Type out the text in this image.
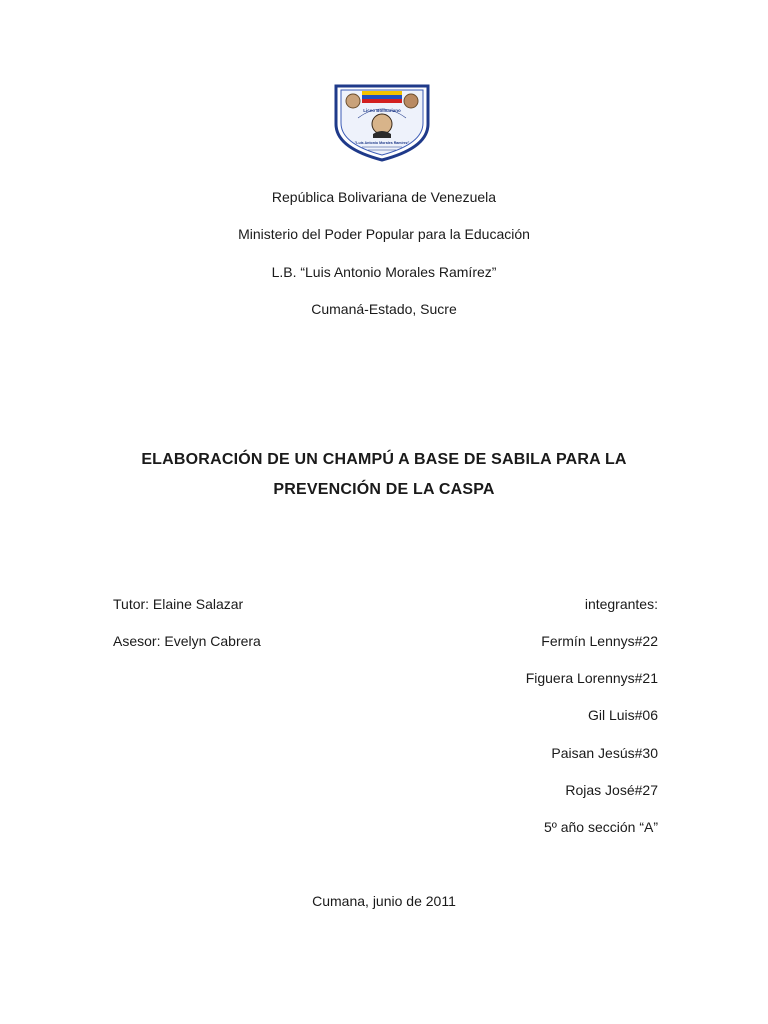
Liceo Bolivariano
"Luis Antonio Morales Ramírez"
República Bolivariana de Venezuela
Ministerio del Poder Popular para la Educación
L.B. “Luis Antonio Morales Ramírez”
Cumaná-Estado, Sucre
ELABORACIÓN DE UN CHAMPÚ A BASE DE SABILA PARA LA
PREVENCIÓN DE LA CASPA
Tutor: Elaine Salazar
Asesor: Evelyn Cabrera
integrantes:
Fermín Lennys#22
Figuera Lorennys#21
Gil Luis#06
Paisan Jesús#30
Rojas José#27
5º año sección “A”
Cumana, junio de 2011
